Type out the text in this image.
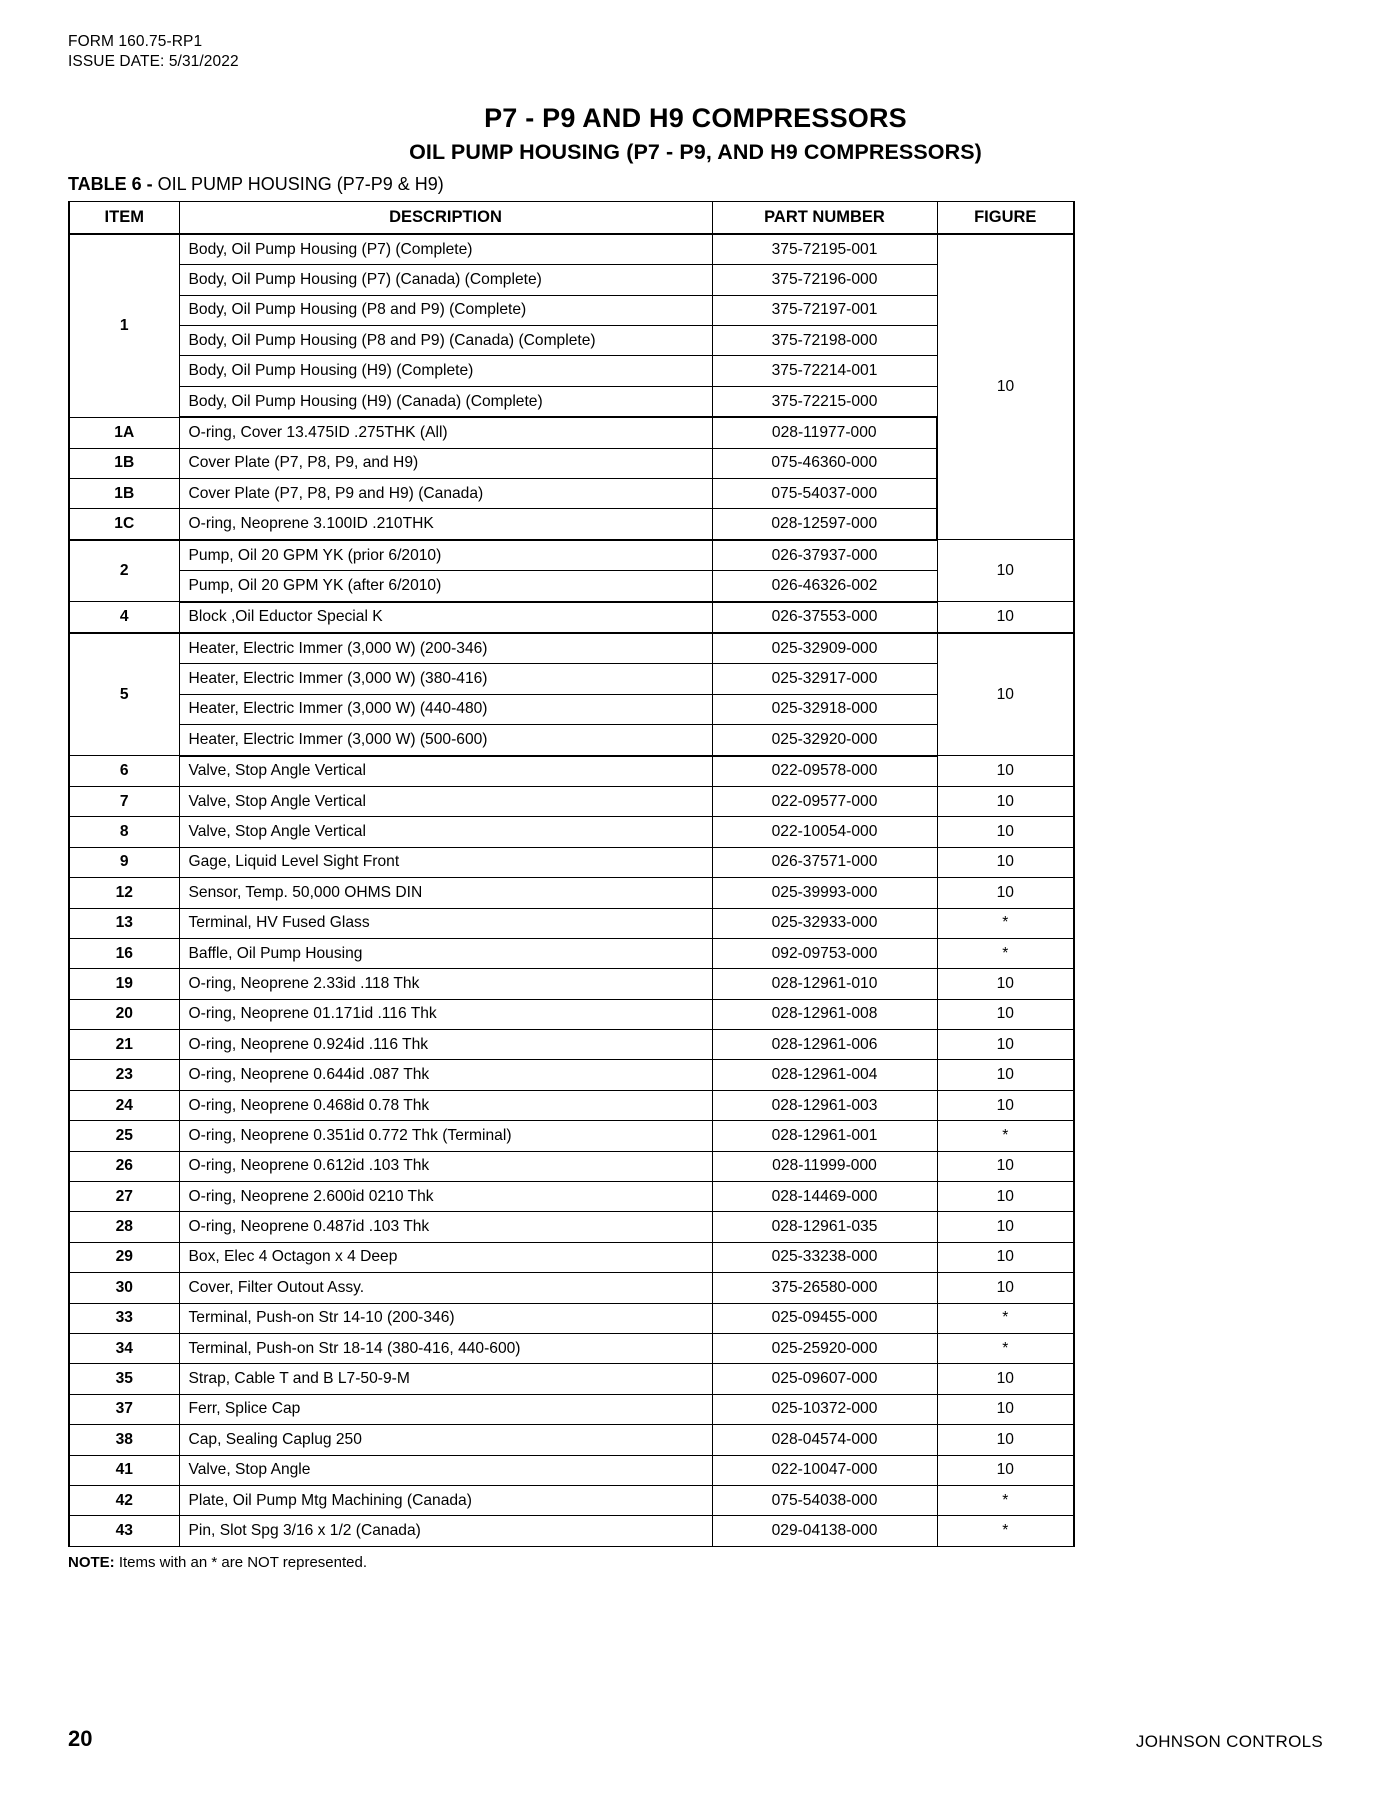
FORM 160.75-RP1
ISSUE DATE: 5/31/2022
P7 - P9 AND H9 COMPRESSORS
OIL PUMP HOUSING (P7 - P9, AND H9 COMPRESSORS)
TABLE 6 - OIL PUMP HOUSING (P7-P9 & H9)
ITEM	DESCRIPTION	PART NUMBER	FIGURE
1	Body, Oil Pump Housing (P7) (Complete)	375-72195-001	10
	Body, Oil Pump Housing (P7) (Canada) (Complete)	375-72196-000	
	Body, Oil Pump Housing (P8 and P9) (Complete)	375-72197-001	
	Body, Oil Pump Housing (P8 and P9) (Canada) (Complete)	375-72198-000	
	Body, Oil Pump Housing (H9) (Complete)	375-72214-001	
	Body, Oil Pump Housing (H9) (Canada) (Complete)	375-72215-000	
1A	O-ring, Cover 13.475ID .275THK (All)	028-11977-000	
1B	Cover Plate (P7, P8, P9, and H9)	075-46360-000	
1B	Cover Plate (P7, P8, P9 and H9) (Canada)	075-54037-000	
1C	O-ring, Neoprene 3.100ID .210THK	028-12597-000	
2	Pump, Oil 20 GPM YK (prior 6/2010)	026-37937-000	10
	Pump, Oil 20 GPM YK (after 6/2010)	026-46326-002	
4	Block ,Oil Eductor Special K	026-37553-000	10
5	Heater, Electric Immer (3,000 W) (200-346)	025-32909-000	10
	Heater, Electric Immer (3,000 W) (380-416)	025-32917-000	
	Heater, Electric Immer (3,000 W) (440-480)	025-32918-000	
	Heater, Electric Immer (3,000 W) (500-600)	025-32920-000	
6	Valve, Stop Angle Vertical	022-09578-000	10
7	Valve, Stop Angle Vertical	022-09577-000	10
8	Valve, Stop Angle Vertical	022-10054-000	10
9	Gage, Liquid Level Sight Front	026-37571-000	10
12	Sensor, Temp. 50,000 OHMS DIN	025-39993-000	10
13	Terminal, HV Fused Glass	025-32933-000	*
16	Baffle, Oil Pump Housing	092-09753-000	*
19	O-ring, Neoprene 2.33id .118 Thk	028-12961-010	10
20	O-ring, Neoprene 01.171id .116 Thk	028-12961-008	10
21	O-ring, Neoprene 0.924id .116 Thk	028-12961-006	10
23	O-ring, Neoprene 0.644id .087 Thk	028-12961-004	10
24	O-ring, Neoprene 0.468id 0.78 Thk	028-12961-003	10
25	O-ring, Neoprene 0.351id 0.772 Thk (Terminal)	028-12961-001	*
26	O-ring, Neoprene 0.612id .103 Thk	028-11999-000	10
27	O-ring, Neoprene 2.600id 0210 Thk	028-14469-000	10
28	O-ring, Neoprene 0.487id .103 Thk	028-12961-035	10
29	Box, Elec 4 Octagon x 4 Deep	025-33238-000	10
30	Cover, Filter Outout Assy.	375-26580-000	10
33	Terminal, Push-on Str 14-10 (200-346)	025-09455-000	*
34	Terminal, Push-on Str 18-14 (380-416, 440-600)	025-25920-000	*
35	Strap, Cable T and B L7-50-9-M	025-09607-000	10
37	Ferr, Splice Cap	025-10372-000	10
38	Cap, Sealing Caplug 250	028-04574-000	10
41	Valve, Stop Angle	022-10047-000	10
42	Plate, Oil Pump Mtg Machining (Canada)	075-54038-000	*
43	Pin, Slot Spg 3/16 x 1/2 (Canada)	029-04138-000	*
NOTE: Items with an * are NOT represented.
20	JOHNSON CONTROLS
